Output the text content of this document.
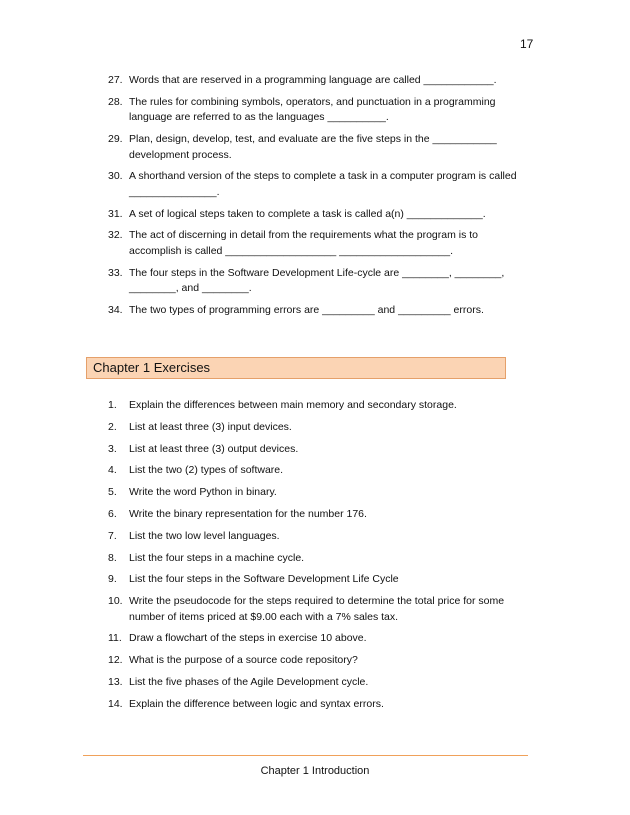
17
27. Words that are reserved in a programming language are called ____________.
28. The rules for combining symbols, operators, and punctuation in a programming language are referred to as the languages __________.
29. Plan, design, develop, test, and evaluate are the five steps in the ___________ development process.
30. A shorthand version of the steps to complete a task in a computer program is called _______________.
31. A set of logical steps taken to complete a task is called a(n) _____________.
32. The act of discerning in detail from the requirements what the program is to accomplish is called ___________________ ___________________.
33. The four steps in the Software Development Life-cycle are ________, ________, ________, and ________.
34. The two types of programming errors are _________ and _________ errors.
Chapter 1 Exercises
1.	Explain the differences between main memory and secondary storage.
2.	List at least three (3) input devices.
3.	List at least three (3) output devices.
4.	List the two (2) types of software.
5.	Write the word Python in binary.
6.	Write the binary representation for the number 176.
7.	List the two low level languages.
8.	List the four steps in a machine cycle.
9.	List the four steps in the Software Development Life Cycle
10. Write the pseudocode for the steps required to determine the total price for some number of items priced at $9.00 each with a 7% sales tax.
11. Draw a flowchart of the steps in exercise 10 above.
12. What is the purpose of a source code repository?
13. List the five phases of the Agile Development cycle.
14. Explain the difference between logic and syntax errors.
Chapter 1 Introduction
